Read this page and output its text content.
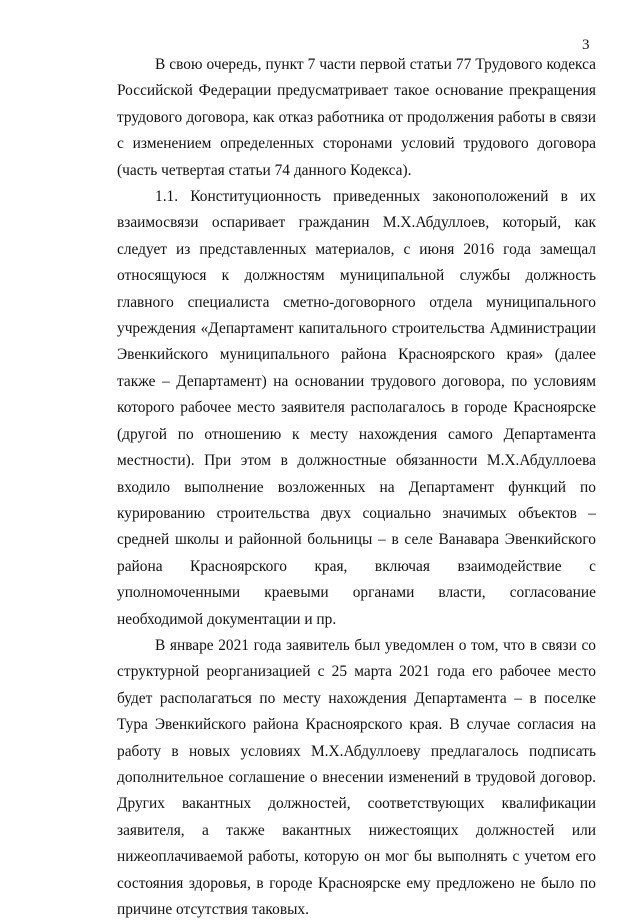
3

В свою очередь, пункт 7 части первой статьи 77 Трудового кодекса Российской Федерации предусматривает такое основание прекращения трудового договора, как отказ работника от продолжения работы в связи с изменением определенных сторонами условий трудового договора (часть четвертая статьи 74 данного Кодекса).

1.1. Конституционность приведенных законоположений в их взаимосвязи оспаривает гражданин М.Х.Абдуллоев, который, как следует из представленных материалов, с июня 2016 года замещал относящуюся к должностям муниципальной службы должность главного специалиста сметно-договорного отдела муниципального учреждения «Департамент капитального строительства Администрации Эвенкийского муниципального района Красноярского края» (далее также – Департамент) на основании трудового договора, по условиям которого рабочее место заявителя располагалось в городе Красноярске (другой по отношению к месту нахождения самого Департамента местности). При этом в должностные обязанности М.Х.Абдуллоева входило выполнение возложенных на Департамент функций по курированию строительства двух социально значимых объектов – средней школы и районной больницы – в селе Ванавара Эвенкийского района Красноярского края, включая взаимодействие с уполномоченными краевыми органами власти, согласование необходимой документации и пр.

В январе 2021 года заявитель был уведомлен о том, что в связи со структурной реорганизацией с 25 марта 2021 года его рабочее место будет располагаться по месту нахождения Департамента – в поселке Тура Эвенкийского района Красноярского края. В случае согласия на работу в новых условиях М.Х.Абдуллоеву предлагалось подписать дополнительное соглашение о внесении изменений в трудовой договор. Других вакантных должностей, соответствующих квалификации заявителя, а также вакантных нижестоящих должностей или нижеоплачиваемой работы, которую он мог бы выполнять с учетом его состояния здоровья, в городе Красноярске ему предложено не было по причине отсутствия таковых.
